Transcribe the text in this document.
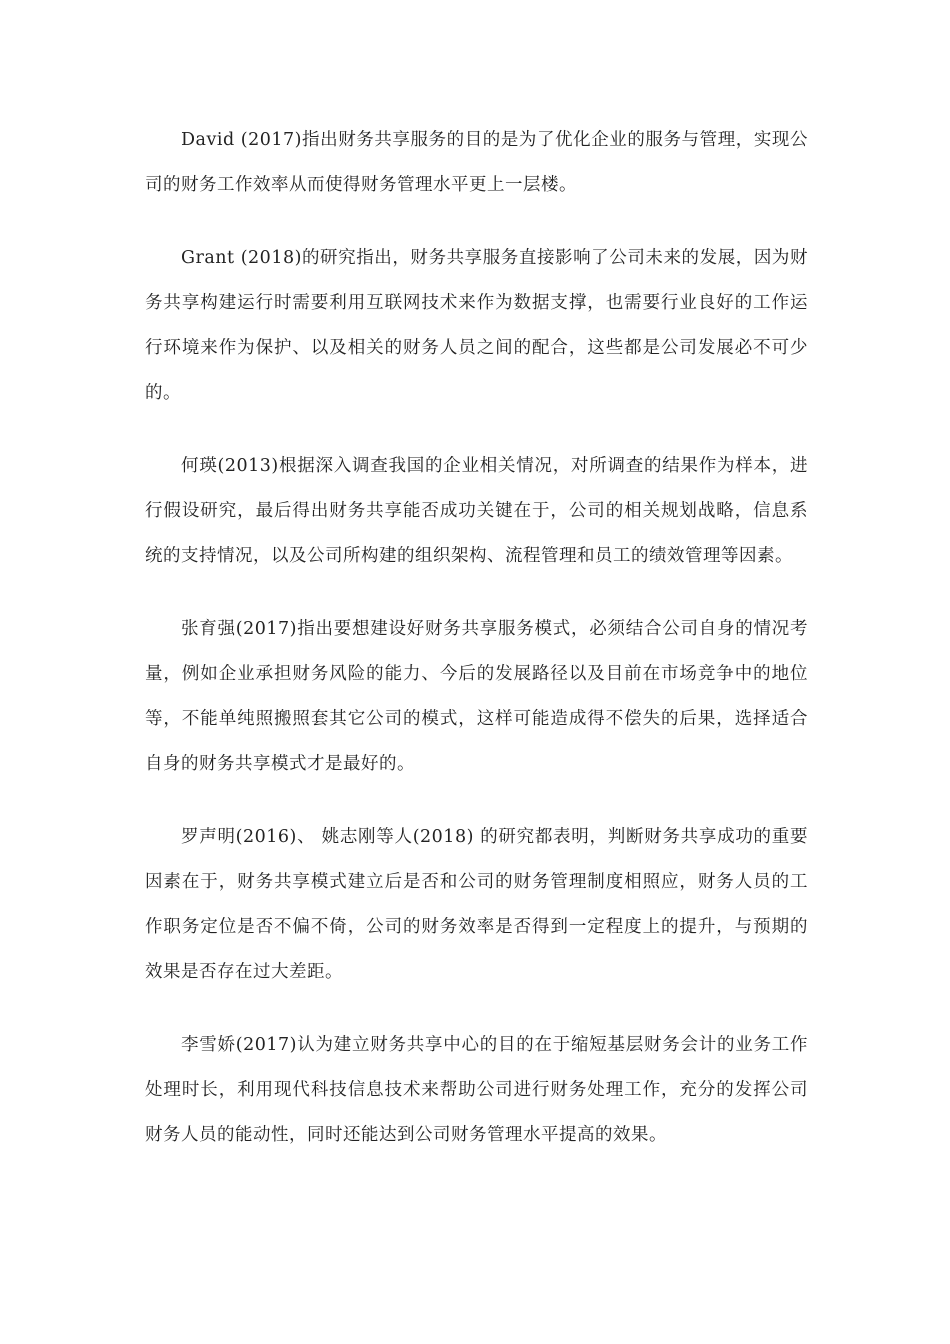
David (2017)指出财务共享服务的目的是为了优化企业的服务与管理，实现公司的财务工作效率从而使得财务管理水平更上一层楼。

Grant (2018)的研究指出，财务共享服务直接影响了公司未来的发展，因为财务共享构建运行时需要利用互联网技术来作为数据支撑，也需要行业良好的工作运行环境来作为保护、以及相关的财务人员之间的配合，这些都是公司发展必不可少的。

何瑛(2013)根据深入调查我国的企业相关情况，对所调查的结果作为样本，进行假设研究，最后得出财务共享能否成功关键在于，公司的相关规划战略，信息系统的支持情况，以及公司所构建的组织架构、流程管理和员工的绩效管理等因素。

张育强(2017)指出要想建设好财务共享服务模式，必须结合公司自身的情况考量，例如企业承担财务风险的能力、今后的发展路径以及目前在市场竞争中的地位等，不能单纯照搬照套其它公司的模式，这样可能造成得不偿失的后果，选择适合自身的财务共享模式才是最好的。

罗声明(2016)、 姚志刚等人(2018) 的研究都表明，判断财务共享成功的重要因素在于，财务共享模式建立后是否和公司的财务管理制度相照应，财务人员的工作职务定位是否不偏不倚，公司的财务效率是否得到一定程度上的提升，与预期的效果是否存在过大差距。

李雪娇(2017)认为建立财务共享中心的目的在于缩短基层财务会计的业务工作处理时长，利用现代科技信息技术来帮助公司进行财务处理工作，充分的发挥公司财务人员的能动性，同时还能达到公司财务管理水平提高的效果。
